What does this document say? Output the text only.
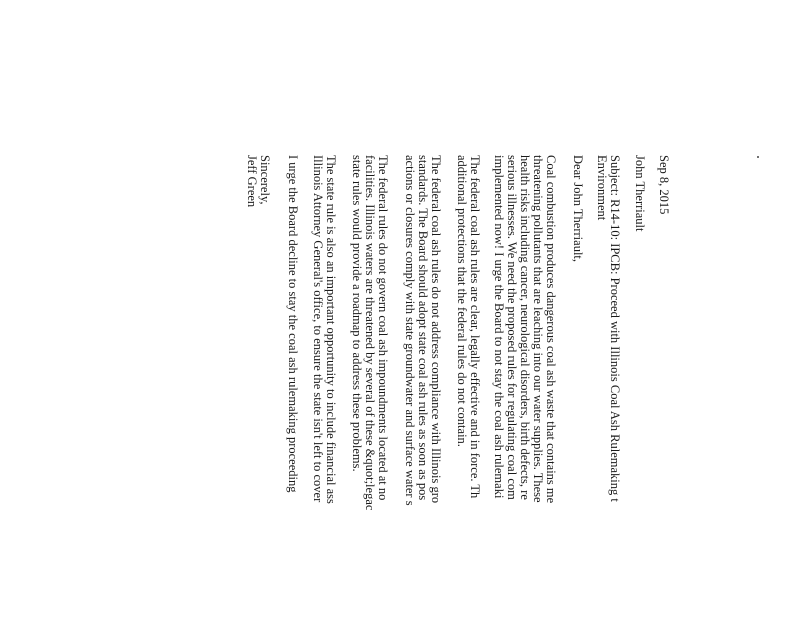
Sep 8, 2015
John Therriault
Subject: R14-10: IPCB: Proceed with Illinois Coal Ash Rulemaking t
Environment
Dear John Therriault,
Coal combustion produces dangerous coal ash waste that contains me
threatening pollutants that are leaching into our water supplies. These
health risks including cancer, neurological disorders, birth defects, re
serious illnesses. We need the proposed rules for regulating coal com
implemented now! I urge the Board to not stay the coal ash rulemaki
The federal coal ash rules are clear, legally effective and in force. Th
additional protections that the federal rules do not contain.
The federal coal ash rules do not address compliance with Illinois gro
standards. The Board should adopt state coal ash rules as soon as pos
actions or closures comply with state groundwater and surface water s
The federal rules do not govern coal ash impoundments located at no
facilities. Illinois waters are threatened by several of these &quot;legac
state rules would provide a roadmap to address these problems.
The state rule is also an important opportunity to include financial ass
Illinois Attorney General's office, to ensure the state isn't left to cover
I urge the Board decline to stay the coal ash rulemaking proceeding
Sincerely,
Jeff Green
